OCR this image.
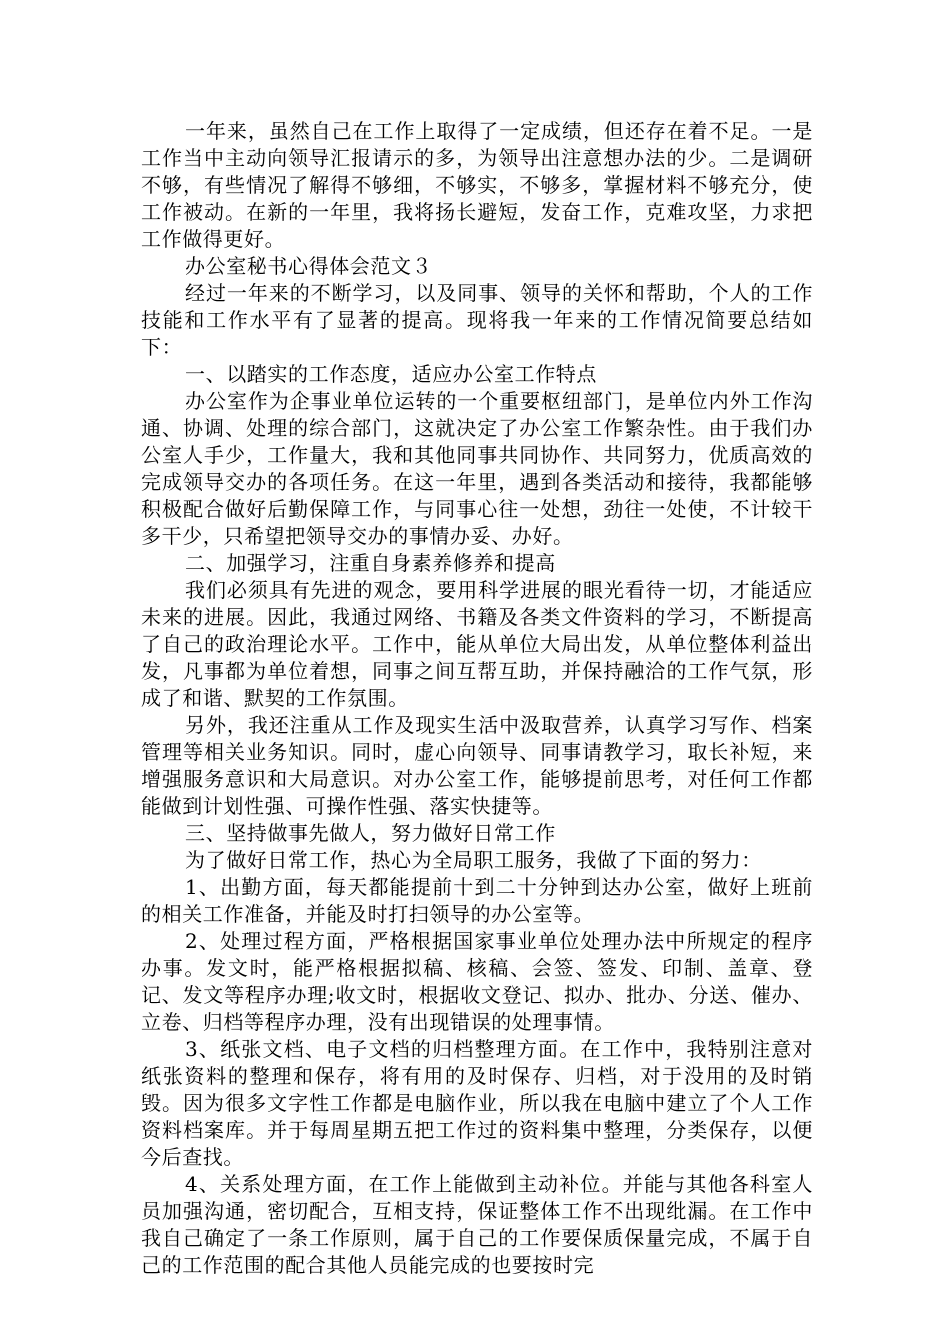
一年来，虽然自己在工作上取得了一定成绩，但还存在着不足。一是工作当中主动向领导汇报请示的多，为领导出注意想办法的少。二是调研不够，有些情况了解得不够细，不够实，不够多，掌握材料不够充分，使工作被动。在新的一年里，我将扬长避短，发奋工作，克难攻坚，力求把工作做得更好。

办公室秘书心得体会范文３

经过一年来的不断学习，以及同事、领导的关怀和帮助，个人的工作技能和工作水平有了显著的提高。现将我一年来的工作情况简要总结如下：

一、以踏实的工作态度，适应办公室工作特点

办公室作为企事业单位运转的一个重要枢纽部门，是单位内外工作沟通、协调、处理的综合部门，这就决定了办公室工作繁杂性。由于我们办公室人手少，工作量大，我和其他同事共同协作、共同努力，优质高效的完成领导交办的各项任务。在这一年里，遇到各类活动和接待，我都能够积极配合做好后勤保障工作，与同事心往一处想，劲往一处使，不计较干多干少，只希望把领导交办的事情办妥、办好。

二、加强学习，注重自身素养修养和提高

我们必须具有先进的观念，要用科学进展的眼光看待一切，才能适应未来的进展。因此，我通过网络、书籍及各类文件资料的学习，不断提高了自己的政治理论水平。工作中，能从单位大局出发，从单位整体利益出发，凡事都为单位着想，同事之间互帮互助，并保持融洽的工作气氛，形成了和谐、默契的工作氛围。

另外，我还注重从工作及现实生活中汲取营养，认真学习写作、档案管理等相关业务知识。同时，虚心向领导、同事请教学习，取长补短，来增强服务意识和大局意识。对办公室工作，能够提前思考，对任何工作都能做到计划性强、可操作性强、落实快捷等。

三、坚持做事先做人，努力做好日常工作

为了做好日常工作，热心为全局职工服务，我做了下面的努力：

1、出勤方面，每天都能提前十到二十分钟到达办公室，做好上班前的相关工作准备，并能及时打扫领导的办公室等。

2、处理过程方面，严格根据国家事业单位处理办法中所规定的程序办事。发文时，能严格根据拟稿、核稿、会签、签发、印制、盖章、登记、发文等程序办理;收文时，根据收文登记、拟办、批办、分送、催办、立卷、归档等程序办理，没有出现错误的处理事情。

3、纸张文档、电子文档的归档整理方面。在工作中，我特别注意对纸张资料的整理和保存，将有用的及时保存、归档，对于没用的及时销毁。因为很多文字性工作都是电脑作业，所以我在电脑中建立了个人工作资料档案库。并于每周星期五把工作过的资料集中整理，分类保存，以便今后查找。

4、关系处理方面，在工作上能做到主动补位。并能与其他各科室人员加强沟通，密切配合，互相支持，保证整体工作不出现纰漏。在工作中我自己确定了一条工作原则，属于自己的工作要保质保量完成，不属于自己的工作范围的配合其他人员能完成的也要按时完
